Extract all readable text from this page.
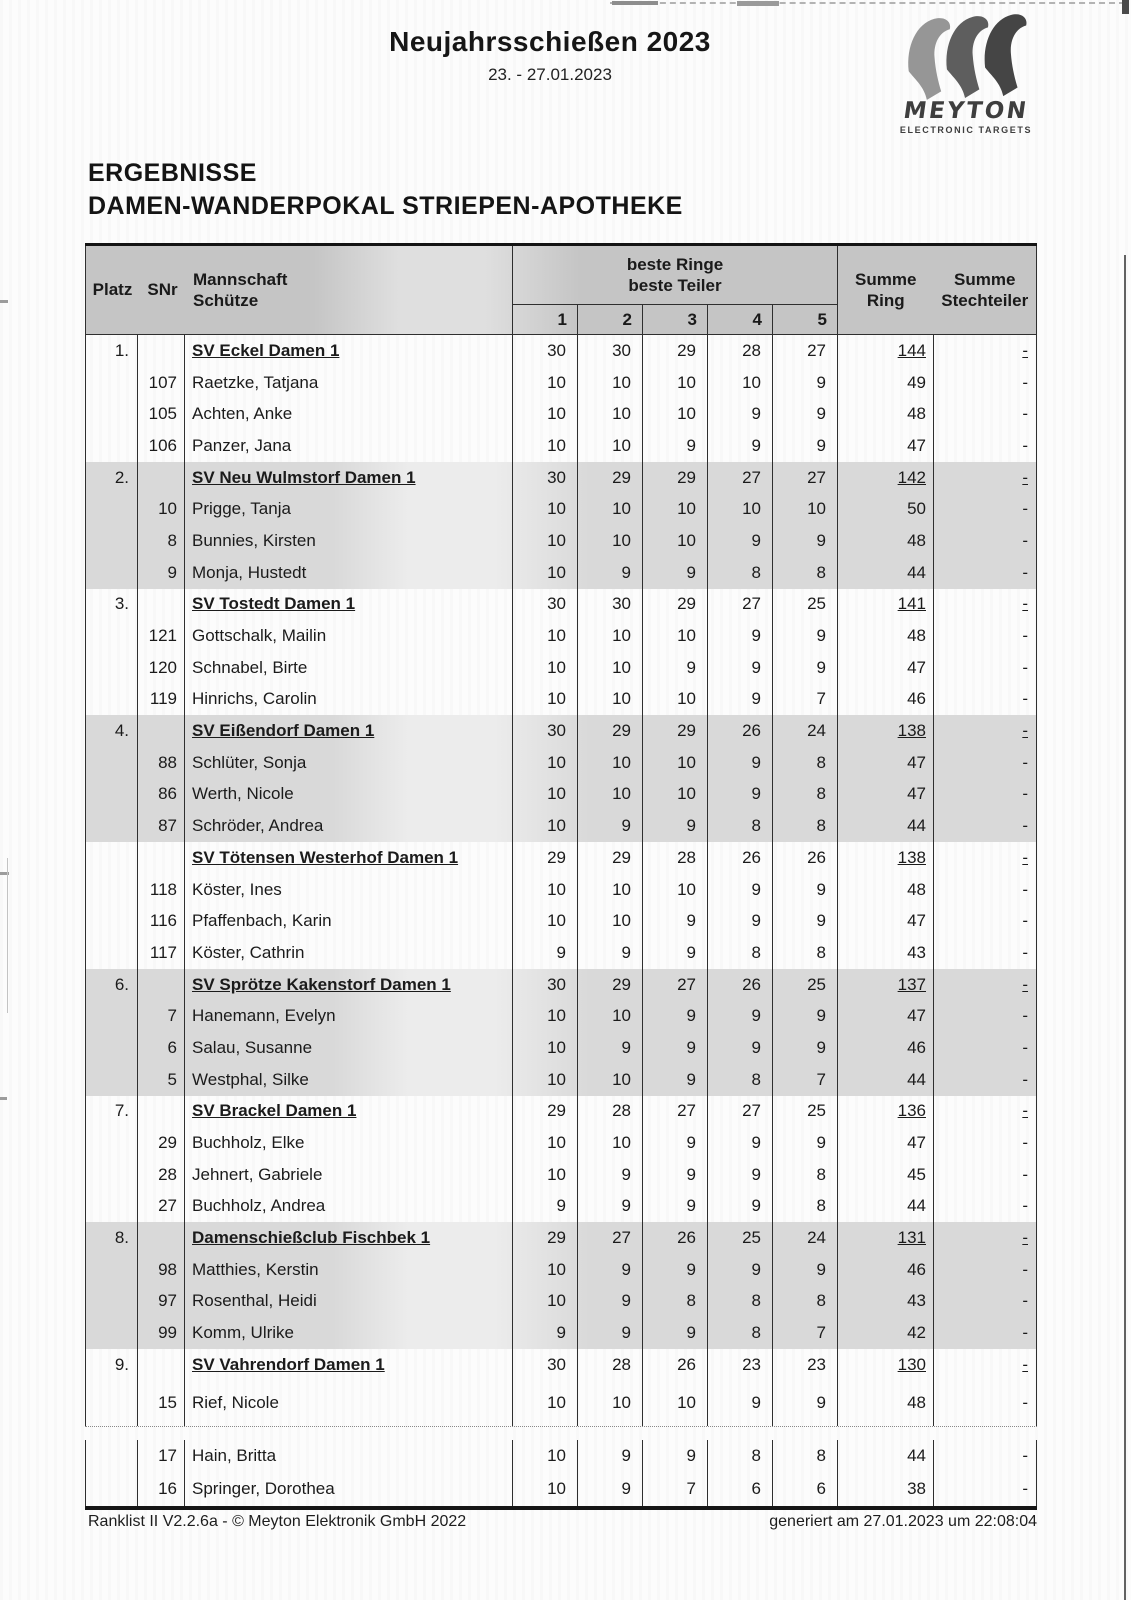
Neujahrsschießen 2023
23. - 27.01.2023
MEYTON
ELECTRONIC TARGETS
ERGEBNISSE
DAMEN-WANDERPOKAL STRIEPEN-APOTHEKE
Platz SNr
Mannschaft
Schütze
beste Ringe
beste Teiler
1	2	3	4	5
Summe
Ring
Summe
Stechteiler
1.	SV Eckel Damen 1	30	30	29	28	27	144	-
107 Raetzke, Tatjana	10	10	10	10	9	49	-
105 Achten, Anke	10	10	10	9	9	48	-
106 Panzer, Jana	10	10	9	9	9	47	-
2.	SV Neu Wulmstorf Damen 1	30	29	29	27	27	142	-
10 Prigge, Tanja	10	10	10	10	10	50	-
8 Bunnies, Kirsten	10	10	10	9	9	48	-
9 Monja, Hustedt	10	9	9	8	8	44	-
3.	SV Tostedt Damen 1	30	30	29	27	25	141	-
121 Gottschalk, Mailin	10	10	10	9	9	48	-
120 Schnabel, Birte	10	10	9	9	9	47	-
119 Hinrichs, Carolin	10	10	10	9	7	46	-
4.	SV Eißendorf Damen 1	30	29	29	26	24	138	-
88 Schlüter, Sonja	10	10	10	9	8	47	-
86 Werth, Nicole	10	10	10	9	8	47	-
87 Schröder, Andrea	10	9	9	8	8	44	-
SV Tötensen Westerhof Damen 1	29	29	28	26	26	138	-
118 Köster, Ines	10	10	10	9	9	48	-
116 Pfaffenbach, Karin	10	10	9	9	9	47	-
117 Köster, Cathrin	9	9	9	8	8	43	-
6.	SV Sprötze Kakenstorf Damen 1	30	29	27	26	25	137	-
7 Hanemann, Evelyn	10	10	9	9	9	47	-
6 Salau, Susanne	10	9	9	9	9	46	-
5 Westphal, Silke	10	10	9	8	7	44	-
7.	SV Brackel Damen 1	29	28	27	27	25	136	-
29 Buchholz, Elke	10	10	9	9	9	47	-
28 Jehnert, Gabriele	10	9	9	9	8	45	-
27 Buchholz, Andrea	9	9	9	9	8	44	-
8.	Damenschießclub Fischbek 1	29	27	26	25	24	131	-
98 Matthies, Kerstin	10	9	9	9	9	46	-
97 Rosenthal, Heidi	10	9	8	8	8	43	-
99 Komm, Ulrike	9	9	9	8	7	42	-
9.	SV Vahrendorf Damen 1	30	28	26	23	23	130	-
15 Rief, Nicole	10	10	10	9	9	48	-
17 Hain, Britta	10	9	9	8	8	44	-
16 Springer, Dorothea	10	9	7	6	6	38	-
Ranklist II V2.2.6a - © Meyton Elektronik GmbH 2022	generiert am 27.01.2023 um 22:08:04
